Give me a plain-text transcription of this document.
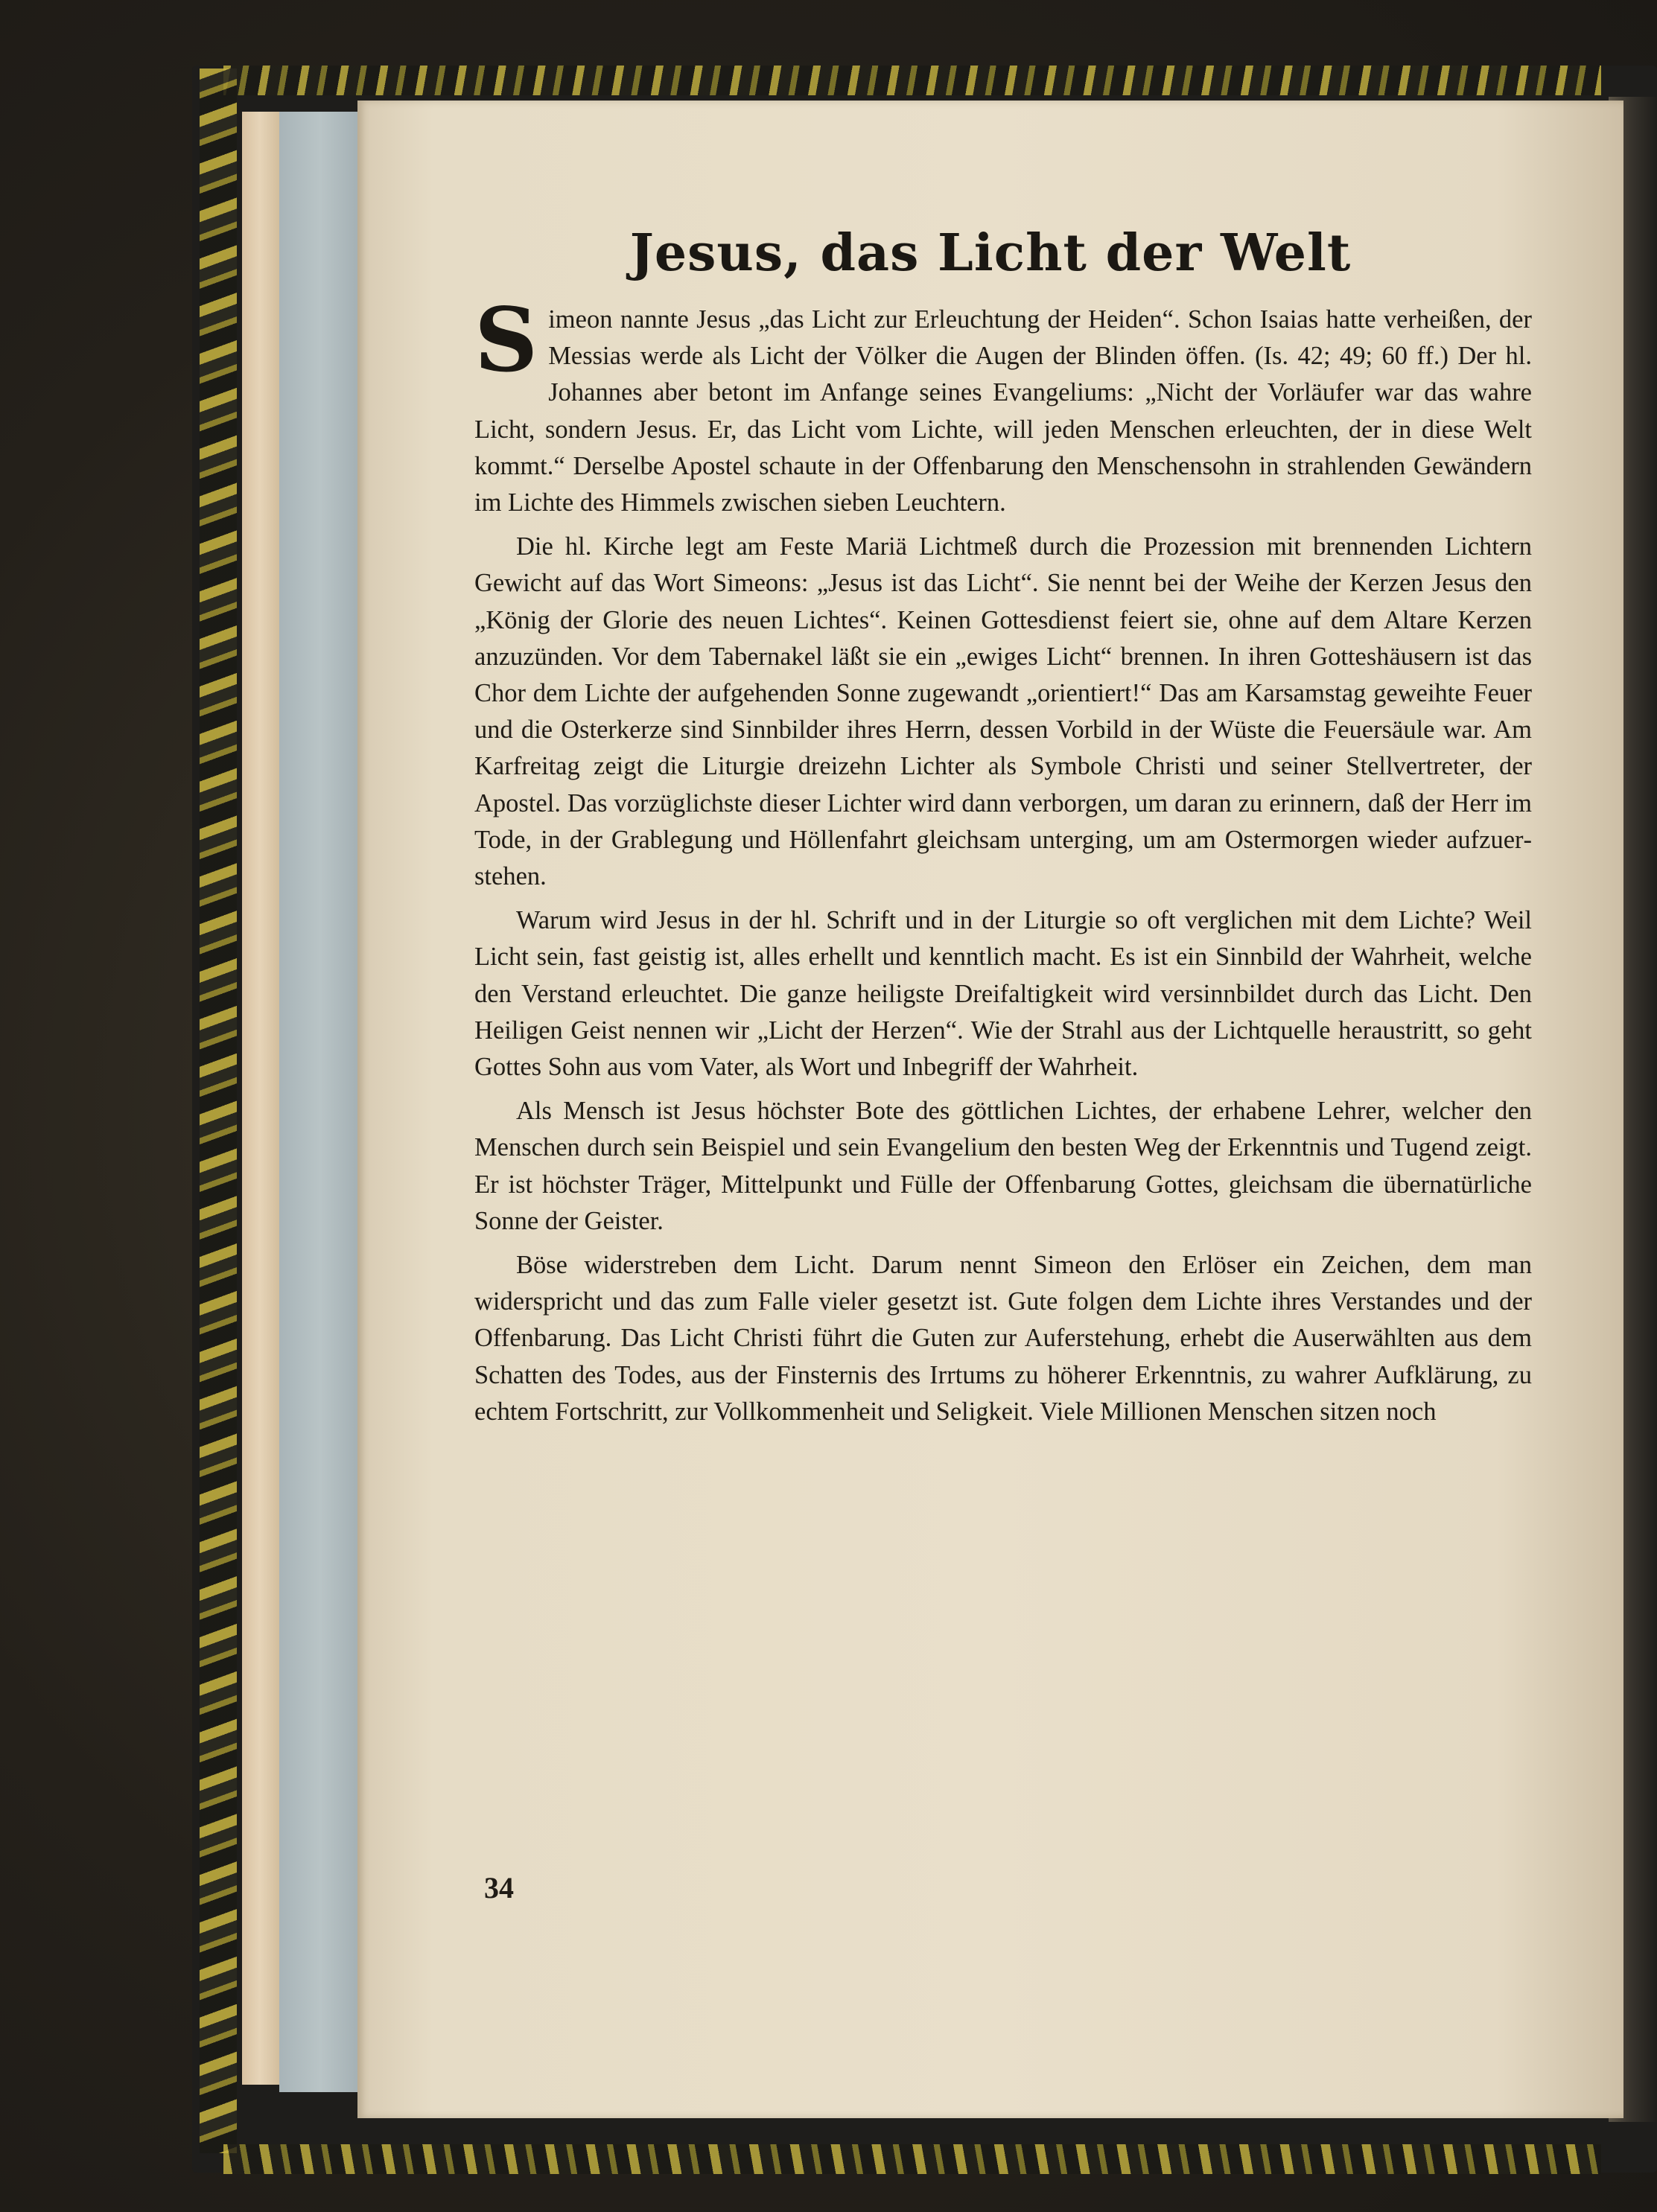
Jesus, das Licht der Welt

Simeon nannte Jesus „das Licht zur Erleuchtung der Heiden“. Schon Isaias hatte verheißen, der Messias werde als Licht der Völker die Augen der Blinden öffen. (Is. 42; 49; 60 ff.) Der hl. Johannes aber betont im Anfange seines Evangeliums: „Nicht der Vorläufer war das wahre Licht, sondern Jesus. Er, das Licht vom Lichte, will jeden Menschen erleuchten, der in diese Welt kommt.“ Derselbe Apostel schaute in der Offenbarung den Menschensohn in strahlenden Gewändern im Lichte des Himmels zwischen sieben Leuchtern.

Die hl. Kirche legt am Feste Mariä Lichtmeß durch die Prozession mit brennenden Lichtern Gewicht auf das Wort Simeons: „Jesus ist das Licht“. Sie nennt bei der Weihe der Kerzen Jesus den „König der Glorie des neuen Lichtes“. Keinen Gottesdienst feiert sie, ohne auf dem Altare Kerzen anzuzünden. Vor dem Tabernakel läßt sie ein „ewiges Licht“ brennen. In ihren Gotteshäusern ist das Chor dem Lichte der aufgehenden Sonne zugewandt „orientiert!“ Das am Karsamstag geweihte Feuer und die Osterkerze sind Sinnbilder ihres Herrn, dessen Vorbild in der Wüste die Feuersäule war. Am Karfreitag zeigt die Liturgie dreizehn Lichter als Symbole Christi und seiner Stellvertreter, der Apostel. Das vorzüglichste dieser Lichter wird dann verborgen, um daran zu erinnern, daß der Herr im Tode, in der Grablegung und Höllenfahrt gleichsam unterging, um am Ostermorgen wieder aufzuerstehen.

Warum wird Jesus in der hl. Schrift und in der Liturgie so oft verglichen mit dem Lichte? Weil Licht sein, fast geistig ist, alles erhellt und kenntlich macht. Es ist ein Sinnbild der Wahrheit, welche den Verstand erleuchtet. Die ganze heiligste Dreifaltigkeit wird versinnbildet durch das Licht. Den Heiligen Geist nennen wir „Licht der Herzen“. Wie der Strahl aus der Lichtquelle heraustritt, so geht Gottes Sohn aus vom Vater, als Wort und Inbegriff der Wahrheit.

Als Mensch ist Jesus höchster Bote des göttlichen Lichtes, der erhabene Lehrer, welcher den Menschen durch sein Beispiel und sein Evangelium den besten Weg der Erkenntnis und Tugend zeigt. Er ist höchster Träger, Mittelpunkt und Fülle der Offenbarung Gottes, gleichsam die übernatürliche Sonne der Geister.

Böse widerstreben dem Licht. Darum nennt Simeon den Erlöser ein Zeichen, dem man widerspricht und das zum Falle vieler gesetzt ist. Gute folgen dem Lichte ihres Verstandes und der Offenbarung. Das Licht Christi führt die Guten zur Auferstehung, erhebt die Auserwählten aus dem Schatten des Todes, aus der Finsternis des Irrtums zu höherer Erkenntnis, zu wahrer Aufklärung, zu echtem Fortschritt, zur Vollkommenheit und Seligkeit. Viele Millionen Menschen sitzen noch

34
